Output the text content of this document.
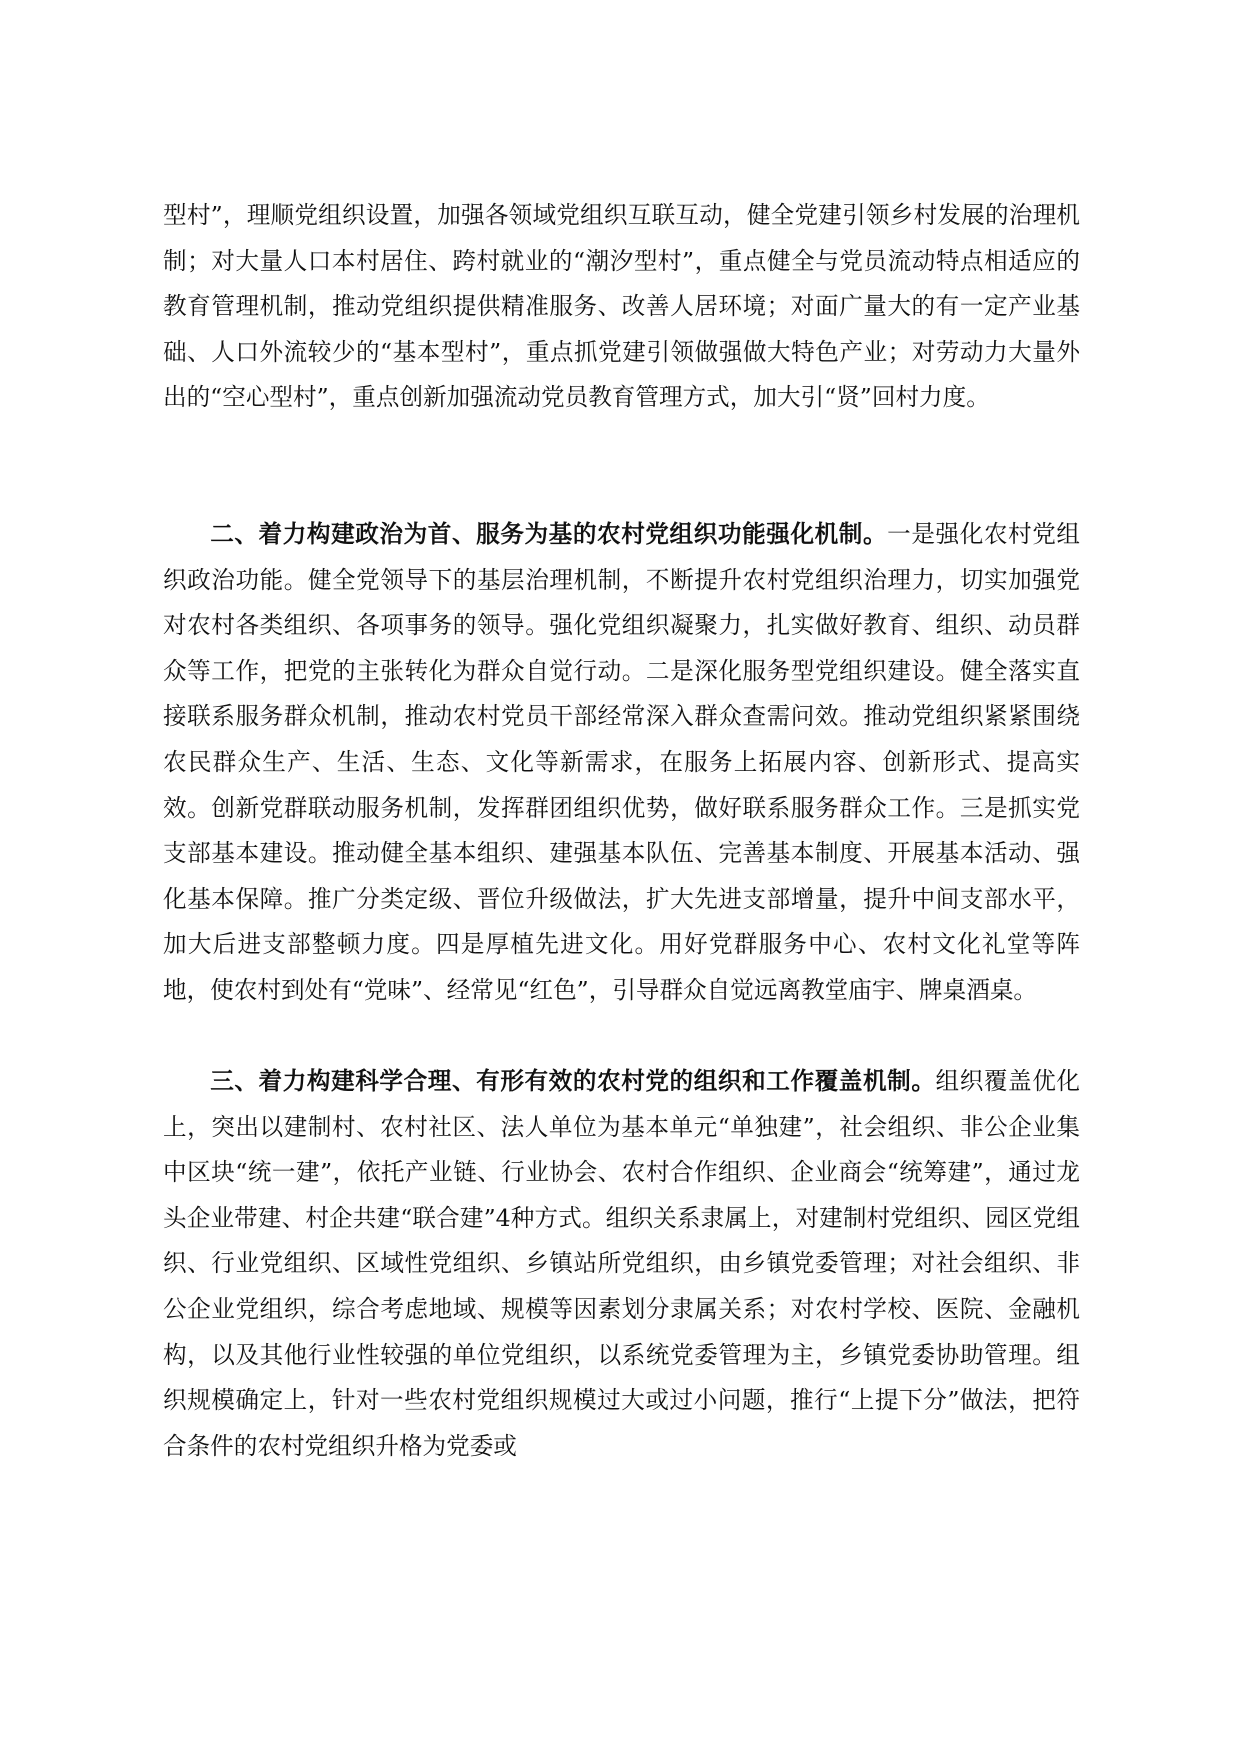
型村”，理顺党组织设置，加强各领域党组织互联互动，健全党建引领乡村发展的治理机制；对大量人口本村居住、跨村就业的“潮汐型村”，重点健全与党员流动特点相适应的教育管理机制，推动党组织提供精准服务、改善人居环境；对面广量大的有一定产业基础、人口外流较少的“基本型村”，重点抓党建引领做强做大特色产业；对劳动力大量外出的“空心型村”，重点创新加强流动党员教育管理方式，加大引“贤”回村力度。

二、着力构建政治为首、服务为基的农村党组织功能强化机制。一是强化农村党组织政治功能。健全党领导下的基层治理机制，不断提升农村党组织治理力，切实加强党对农村各类组织、各项事务的领导。强化党组织凝聚力，扎实做好教育、组织、动员群众等工作，把党的主张转化为群众自觉行动。二是深化服务型党组织建设。健全落实直接联系服务群众机制，推动农村党员干部经常深入群众查需问效。推动党组织紧紧围绕农民群众生产、生活、生态、文化等新需求，在服务上拓展内容、创新形式、提高实效。创新党群联动服务机制，发挥群团组织优势，做好联系服务群众工作。三是抓实党支部基本建设。推动健全基本组织、建强基本队伍、完善基本制度、开展基本活动、强化基本保障。推广分类定级、晋位升级做法，扩大先进支部增量，提升中间支部水平，加大后进支部整顿力度。四是厚植先进文化。用好党群服务中心、农村文化礼堂等阵地，使农村到处有“党味”、经常见“红色”，引导群众自觉远离教堂庙宇、牌桌酒桌。

三、着力构建科学合理、有形有效的农村党的组织和工作覆盖机制。组织覆盖优化上，突出以建制村、农村社区、法人单位为基本单元“单独建”，社会组织、非公企业集中区块“统一建”，依托产业链、行业协会、农村合作组织、企业商会“统筹建”，通过龙头企业带建、村企共建“联合建”4种方式。组织关系隶属上，对建制村党组织、园区党组织、行业党组织、区域性党组织、乡镇站所党组织，由乡镇党委管理；对社会组织、非公企业党组织，综合考虑地域、规模等因素划分隶属关系；对农村学校、医院、金融机构，以及其他行业性较强的单位党组织，以系统党委管理为主，乡镇党委协助管理。组织规模确定上，针对一些农村党组织规模过大或过小问题，推行“上提下分”做法，把符合条件的农村党组织升格为党委或
